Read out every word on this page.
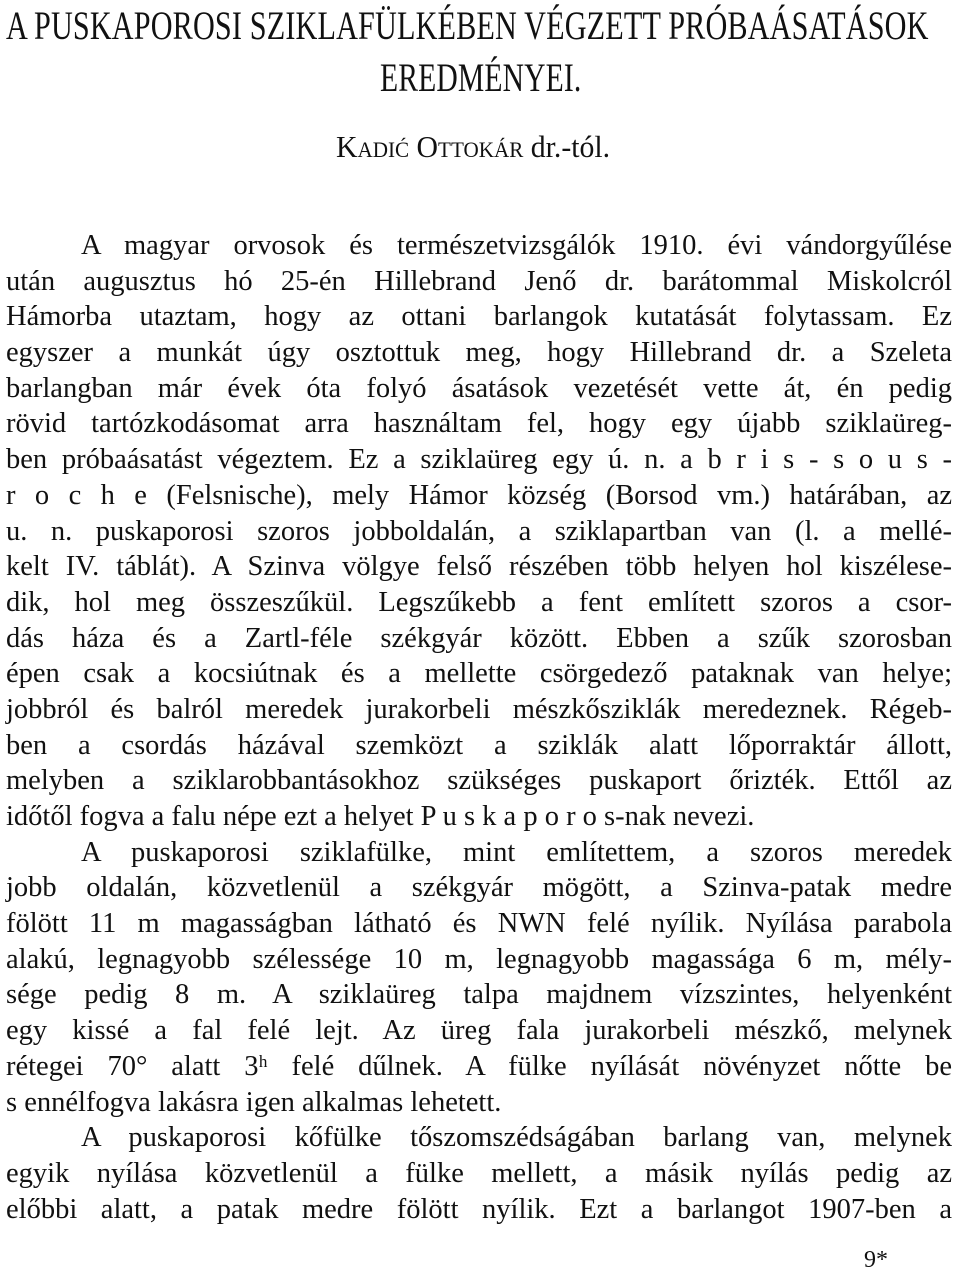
A PUSKAPOROSI SZIKLAFÜLKÉBEN VÉGZETT PRÓBAÁSATÁSOK
EREDMÉNYEI.
Kadić Ottokár dr.-tól.
A magyar orvosok és természetvizsgálók 1910. évi vándorgyűlése
után augusztus hó 25-én Hillebrand Jenő dr. barátommal Miskolcról
Hámorba utaztam, hogy az ottani barlangok kutatását folytassam. Ez
egyszer a munkát úgy osztottuk meg, hogy Hillebrand dr. a Szeleta
barlangban már évek óta folyó ásatások vezetését vette át, én pedig
rövid tartózkodásomat arra használtam fel, hogy egy újabb sziklaüreg-
ben próbaásatást végeztem. Ez a sziklaüreg egy ú. n. a b r i s - s o u s -
r o c h e (Felsnische), mely Hámor község (Borsod vm.) határában, az
u. n. puskaporosi szoros jobboldalán, a sziklapartban van (l. a mellé-
kelt IV. táblát). A Szinva völgye felső részében több helyen hol kiszélese-
dik, hol meg összeszűkül. Legszűkebb a fent említett szoros a csor-
dás háza és a Zartl-féle székgyár között. Ebben a szűk szorosban
épen csak a kocsiútnak és a mellette csörgedező pataknak van helye;
jobbról és balról meredek jurakorbeli mészkősziklák meredeznek. Régeb-
ben a csordás házával szemközt a sziklák alatt lőporraktár állott,
melyben a sziklarobbantásokhoz szükséges puskaport őrizték. Ettől az
időtől fogva a falu népe ezt a helyet P u s k a p o r o s-nak nevezi.
A puskaporosi sziklafülke, mint említettem, a szoros meredek
jobb oldalán, közvetlenül a székgyár mögött, a Szinva-patak medre
fölött 11 m magasságban látható és NWN felé nyílik. Nyílása parabola
alakú, legnagyobb szélessége 10 m, legnagyobb magassága 6 m, mély-
sége pedig 8 m. A sziklaüreg talpa majdnem vízszintes, helyenként
egy kissé a fal felé lejt. Az üreg fala jurakorbeli mészkő, melynek
rétegei 70° alatt 3ʰ felé dűlnek. A fülke nyílását növényzet nőtte be
s ennélfogva lakásra igen alkalmas lehetett.
A puskaporosi kőfülke tőszomszédságában barlang van, melynek
egyik nyílása közvetlenül a fülke mellett, a másik nyílás pedig az
előbbi alatt, a patak medre fölött nyílik. Ezt a barlangot 1907-ben a
9*
